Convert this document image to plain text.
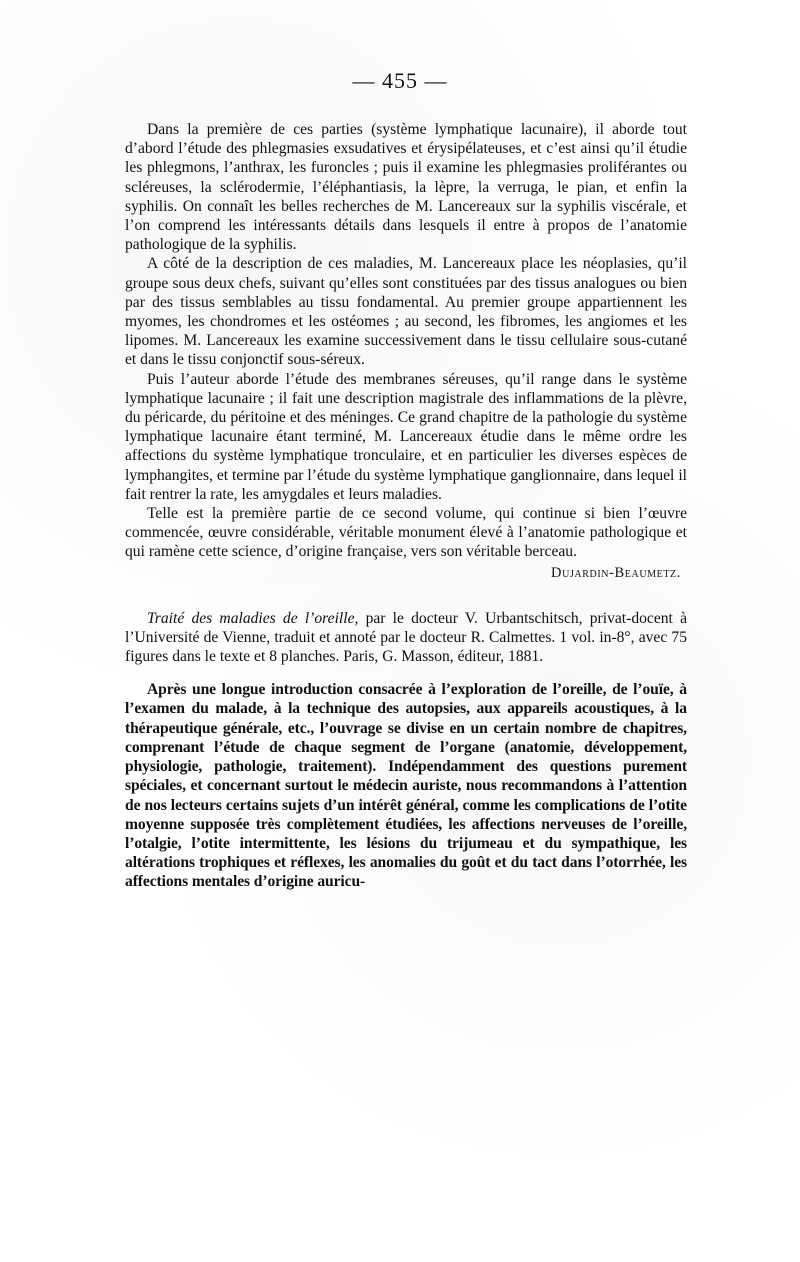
— 455 —

Dans la première de ces parties (système lymphatique lacunaire), il aborde tout d’abord l’étude des phlegmasies exsudatives et érysipélateuses, et c’est ainsi qu’il étudie les phlegmons, l’anthrax, les furoncles ; puis il examine les phlegmasies proliférantes ou scléreuses, la sclérodermie, l’éléphantiasis, la lèpre, la verruga, le pian, et enfin la syphilis. On connaît les belles recherches de M. Lancereaux sur la syphilis viscérale, et l’on comprend les intéressants détails dans lesquels il entre à propos de l’anatomie pathologique de la syphilis.

A côté de la description de ces maladies, M. Lancereaux place les néoplasies, qu’il groupe sous deux chefs, suivant qu’elles sont constituées par des tissus analogues ou bien par des tissus semblables au tissu fondamental. Au premier groupe appartiennent les myomes, les chondromes et les ostéomes ; au second, les fibromes, les angiomes et les lipomes. M. Lancereaux les examine successivement dans le tissu cellulaire sous-cutané et dans le tissu conjonctif sous-séreux.

Puis l’auteur aborde l’étude des membranes séreuses, qu’il range dans le système lymphatique lacunaire ; il fait une description magistrale des inflammations de la plèvre, du péricarde, du péritoine et des méninges. Ce grand chapitre de la pathologie du système lymphatique lacunaire étant terminé, M. Lancereaux étudie dans le même ordre les affections du système lymphatique tronculaire, et en particulier les diverses espèces de lymphangites, et termine par l’étude du système lymphatique ganglionnaire, dans lequel il fait rentrer la rate, les amygdales et leurs maladies.

Telle est la première partie de ce second volume, qui continue si bien l’œuvre commencée, œuvre considérable, véritable monument élevé à l’anatomie pathologique et qui ramène cette science, d’origine française, vers son véritable berceau.

Dujardin-Beaumetz.

Traité des maladies de l’oreille, par le docteur V. Urbantschitsch, privat-docent à l’Université de Vienne, traduit et annoté par le docteur R. Calmettes. 1 vol. in-8°, avec 75 figures dans le texte et 8 planches. Paris, G. Masson, éditeur, 1881.

Après une longue introduction consacrée à l’exploration de l’oreille, de l’ouïe, à l’examen du malade, à la technique des autopsies, aux appareils acoustiques, à la thérapeutique générale, etc., l’ouvrage se divise en un certain nombre de chapitres, comprenant l’étude de chaque segment de l’organe (anatomie, développement, physiologie, pathologie, traitement). Indépendamment des questions purement spéciales, et concernant surtout le médecin auriste, nous recommandons à l’attention de nos lecteurs certains sujets d’un intérêt général, comme les complications de l’otite moyenne supposée très complètement étudiées, les affections nerveuses de l’oreille, l’otalgie, l’otite intermittente, les lésions du trijumeau et du sympathique, les altérations trophiques et réflexes, les anomalies du goût et du tact dans l’otorrhée, les affections mentales d’origine auricu-
